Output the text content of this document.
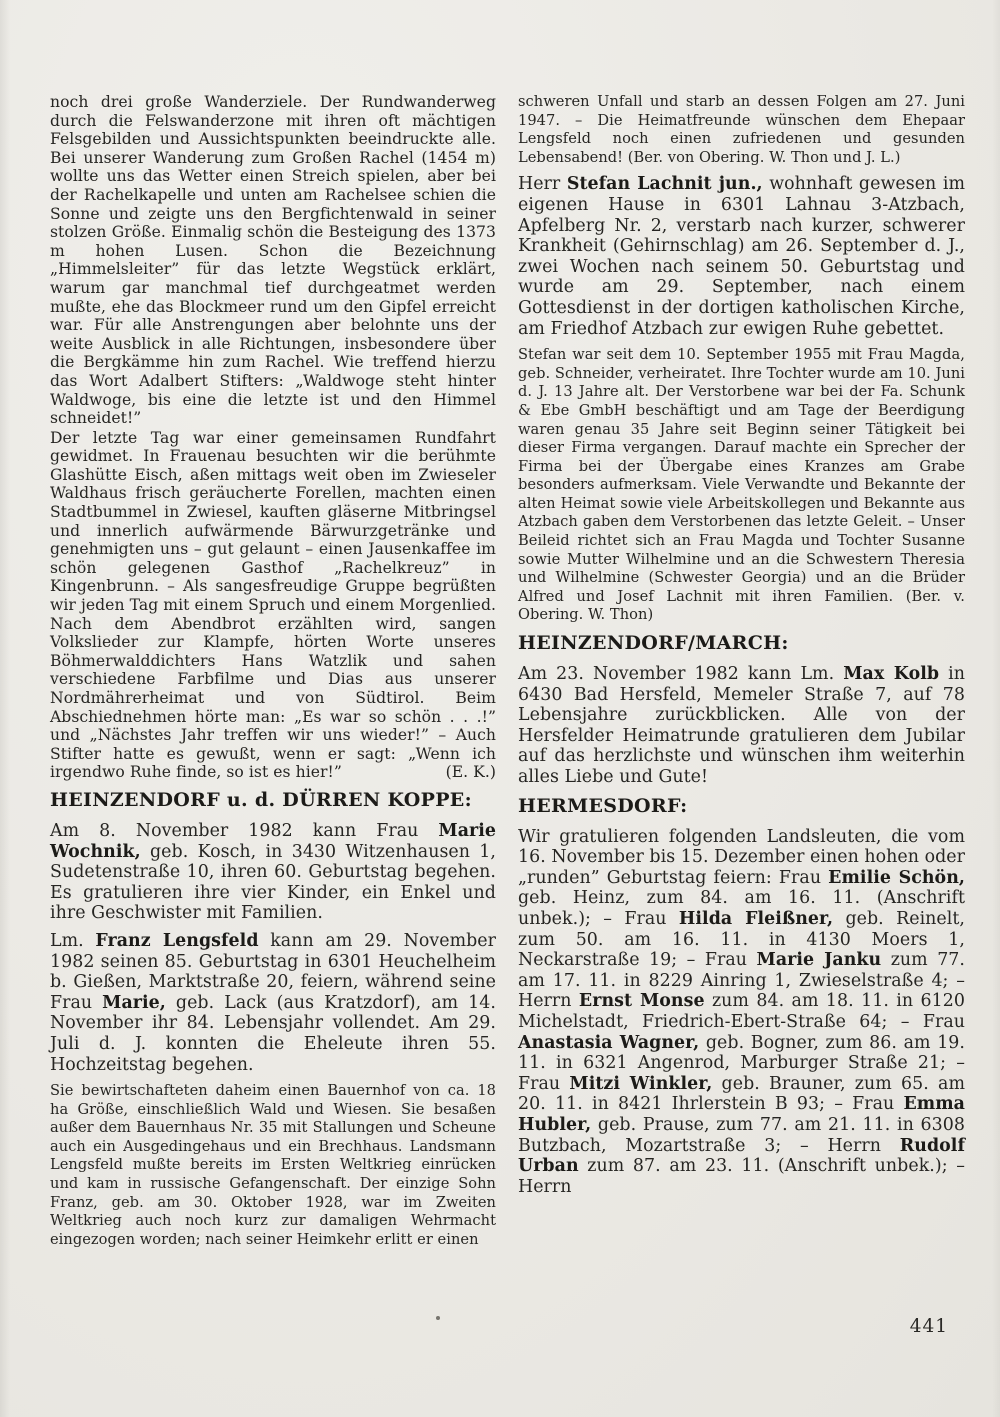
noch drei große Wanderziele. Der Rundwanderweg durch die Felswanderzone mit ihren oft mächtigen Felsgebilden und Aussichtspunkten beeindruckte alle. Bei unserer Wanderung zum Großen Rachel (1454 m) wollte uns das Wetter einen Streich spielen, aber bei der Rachelkapelle und unten am Rachelsee schien die Sonne und zeigte uns den Bergfichtenwald in seiner stolzen Größe. Einmalig schön die Besteigung des 1373 m hohen Lusen. Schon die Bezeichnung „Himmelsleiter” für das letzte Wegstück erklärt, warum gar manchmal tief durchgeatmet werden mußte, ehe das Blockmeer rund um den Gipfel erreicht war. Für alle Anstrengungen aber belohnte uns der weite Ausblick in alle Richtungen, insbesondere über die Bergkämme hin zum Rachel. Wie treffend hierzu das Wort Adalbert Stifters: „Waldwoge steht hinter Waldwoge, bis eine die letzte ist und den Himmel schneidet!”

Der letzte Tag war einer gemeinsamen Rundfahrt gewidmet. In Frauenau besuchten wir die berühmte Glashütte Eisch, aßen mittags weit oben im Zwieseler Waldhaus frisch geräucherte Forellen, machten einen Stadtbummel in Zwiesel, kauften gläserne Mitbringsel und innerlich aufwärmende Bärwurzgetränke und genehmigten uns – gut gelaunt – einen Jausenkaffee im schön gelegenen Gasthof „Rachelkreuz” in Kingenbrunn. – Als sangesfreudige Gruppe begrüßten wir jeden Tag mit einem Spruch und einem Morgenlied. Nach dem Abendbrot erzählten wird, sangen Volkslieder zur Klampfe, hörten Worte unseres Böhmerwalddichters Hans Watzlik und sahen verschiedene Farbfilme und Dias aus unserer Nordmährerheimat und von Südtirol. Beim Abschiednehmen hörte man: „Es war so schön . . .!” und „Nächstes Jahr treffen wir uns wieder!” – Auch Stifter hatte es gewußt, wenn er sagt: „Wenn ich irgendwo Ruhe finde, so ist es hier!”	(E. K.)

HEINZENDORF u. d. DÜRREN KOPPE:

Am 8. November 1982 kann Frau Marie Wochnik, geb. Kosch, in 3430 Witzenhausen 1, Sudetenstraße 10, ihren 60. Geburtstag begehen. Es gratulieren ihre vier Kinder, ein Enkel und ihre Geschwister mit Familien.

Lm. Franz Lengsfeld kann am 29. November 1982 seinen 85. Geburtstag in 6301 Heuchelheim b. Gießen, Marktstraße 20, feiern, während seine Frau Marie, geb. Lack (aus Kratzdorf), am 14. November ihr 84. Lebensjahr vollendet. Am 29. Juli d. J. konnten die Eheleute ihren 55. Hochzeitstag begehen.

Sie bewirtschafteten daheim einen Bauernhof von ca. 18 ha Größe, einschließlich Wald und Wiesen. Sie besaßen außer dem Bauernhaus Nr. 35 mit Stallungen und Scheune auch ein Ausgedingehaus und ein Brechhaus. Landsmann Lengsfeld mußte bereits im Ersten Weltkrieg einrücken und kam in russische Gefangenschaft. Der einzige Sohn Franz, geb. am 30. Oktober 1928, war im Zweiten Weltkrieg auch noch kurz zur damaligen Wehrmacht eingezogen worden; nach seiner Heimkehr erlitt er einen

schweren Unfall und starb an dessen Folgen am 27. Juni 1947. – Die Heimatfreunde wünschen dem Ehepaar Lengsfeld noch einen zufriedenen und gesunden Lebensabend! (Ber. von Obering. W. Thon und J. L.)

Herr Stefan Lachnit jun., wohnhaft gewesen im eigenen Hause in 6301 Lahnau 3-Atzbach, Apfelberg Nr. 2, verstarb nach kurzer, schwerer Krankheit (Gehirnschlag) am 26. September d. J., zwei Wochen nach seinem 50. Geburtstag und wurde am 29. September, nach einem Gottesdienst in der dortigen katholischen Kirche, am Friedhof Atzbach zur ewigen Ruhe gebettet.

Stefan war seit dem 10. September 1955 mit Frau Magda, geb. Schneider, verheiratet. Ihre Tochter wurde am 10. Juni d. J. 13 Jahre alt. Der Verstorbene war bei der Fa. Schunk & Ebe GmbH beschäftigt und am Tage der Beerdigung waren genau 35 Jahre seit Beginn seiner Tätigkeit bei dieser Firma vergangen. Darauf machte ein Sprecher der Firma bei der Übergabe eines Kranzes am Grabe besonders aufmerksam. Viele Verwandte und Bekannte der alten Heimat sowie viele Arbeitskollegen und Bekannte aus Atzbach gaben dem Verstorbenen das letzte Geleit. – Unser Beileid richtet sich an Frau Magda und Tochter Susanne sowie Mutter Wilhelmine und an die Schwestern Theresia und Wilhelmine (Schwester Georgia) und an die Brüder Alfred und Josef Lachnit mit ihren Familien. (Ber. v. Obering. W. Thon)

HEINZENDORF/MARCH:

Am 23. November 1982 kann Lm. Max Kolb in 6430 Bad Hersfeld, Memeler Straße 7, auf 78 Lebensjahre zurückblicken. Alle von der Hersfelder Heimatrunde gratulieren dem Jubilar auf das herzlichste und wünschen ihm weiterhin alles Liebe und Gute!

HERMESDORF:

Wir gratulieren folgenden Landsleuten, die vom 16. November bis 15. Dezember einen hohen oder „runden” Geburtstag feiern: Frau Emilie Schön, geb. Heinz, zum 84. am 16. 11. (Anschrift unbek.); – Frau Hilda Fleißner, geb. Reinelt, zum 50. am 16. 11. in 4130 Moers 1, Neckarstraße 19; – Frau Marie Janku zum 77. am 17. 11. in 8229 Ainring 1, Zwieselstraße 4; – Herrn Ernst Monse zum 84. am 18. 11. in 6120 Michelstadt, Friedrich-Ebert-Straße 64; – Frau Anastasia Wagner, geb. Bogner, zum 86. am 19. 11. in 6321 Angenrod, Marburger Straße 21; – Frau Mitzi Winkler, geb. Brauner, zum 65. am 20. 11. in 8421 Ihrlerstein B 93; – Frau Emma Hubler, geb. Prause, zum 77. am 21. 11. in 6308 Butzbach, Mozartstraße 3; – Herrn Rudolf Urban zum 87. am 23. 11. (Anschrift unbek.); – Herrn

441
